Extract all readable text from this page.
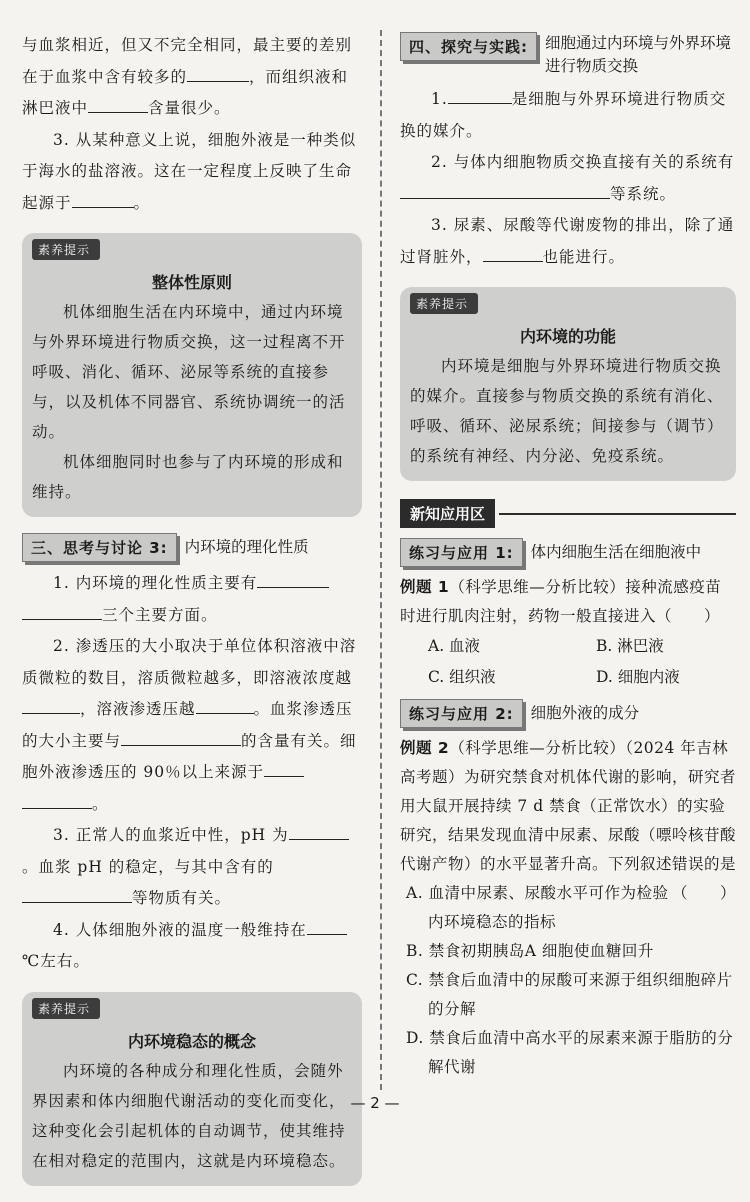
与血浆相近，但又不完全相同，最主要的差别在于血浆中含有较多的	，而组织液和淋巴液中	含量很少。

3. 从某种意义上说，细胞外液是一种类似于海水的盐溶液。这在一定程度上反映了生命起源于	。

素养提示
整体性原则

机体细胞生活在内环境中，通过内环境与外界环境进行物质交换，这一过程离不开呼吸、消化、循环、泌尿等系统的直接参与，以及机体不同器官、系统协调统一的活动。

机体细胞同时也参与了内环境的形成和维持。

三、思考与讨论 3:	内环境的理化性质

1. 内环境的理化性质主要有三个主要方面。

2. 渗透压的大小取决于单位体积溶液中溶质微粒的数目，溶质微粒越多，即溶液浓度越，溶液渗透压越	。血浆渗透压的大小主要与	的含量有关。细胞外液渗透压的 90％以上来源于。

3. 正常人的血浆近中性，pH 为。血浆 pH 的稳定，与其中含有的等物质有关。

4. 人体细胞外液的温度一般维持在℃左右。

素养提示
内环境稳态的概念

内环境的各种成分和理化性质，会随外界因素和体内细胞代谢活动的变化而变化，这种变化会引起机体的自动调节，使其维持在相对稳定的范围内，这就是内环境稳态。

四、探究与实践:	细胞通过内环境与外界环境进行物质交换

1.	是细胞与外界环境进行物质交换的媒介。

2. 与体内细胞物质交换直接有关的系统有等系统。

3. 尿素、尿酸等代谢废物的排出，除了通过肾脏外，	也能进行。

素养提示
内环境的功能

内环境是细胞与外界环境进行物质交换的媒介。直接参与物质交换的系统有消化、呼吸、循环、泌尿系统；间接参与（调节）的系统有神经、内分泌、免疫系统。

新知应用区
练习与应用 1:	体内细胞生活在细胞液中
例题 1（科学思维—分析比较）接种流感疫苗时进行肌肉注射，药物一般直接进入（　　）
A. 血液	B. 淋巴液
C. 组织液	D. 细胞内液
练习与应用 2:	细胞外液的成分
例题 2（科学思维—分析比较）（2024 年吉林高考题）为研究禁食对机体代谢的影响，研究者用大鼠开展持续 7 d 禁食（正常饮水）的实验研究，结果发现血清中尿素、尿酸（嘌呤核苷酸代谢产物）的水平显著升高。下列叙述错误的是
（　　）
A. 血清中尿素、尿酸水平可作为检验内环境稳态的指标
B. 禁食初期胰岛A 细胞使血糖回升
C. 禁食后血清中的尿酸可来源于组织细胞碎片的分解
D. 禁食后血清中高水平的尿素来源于脂肪的分解代谢
— 2 —
